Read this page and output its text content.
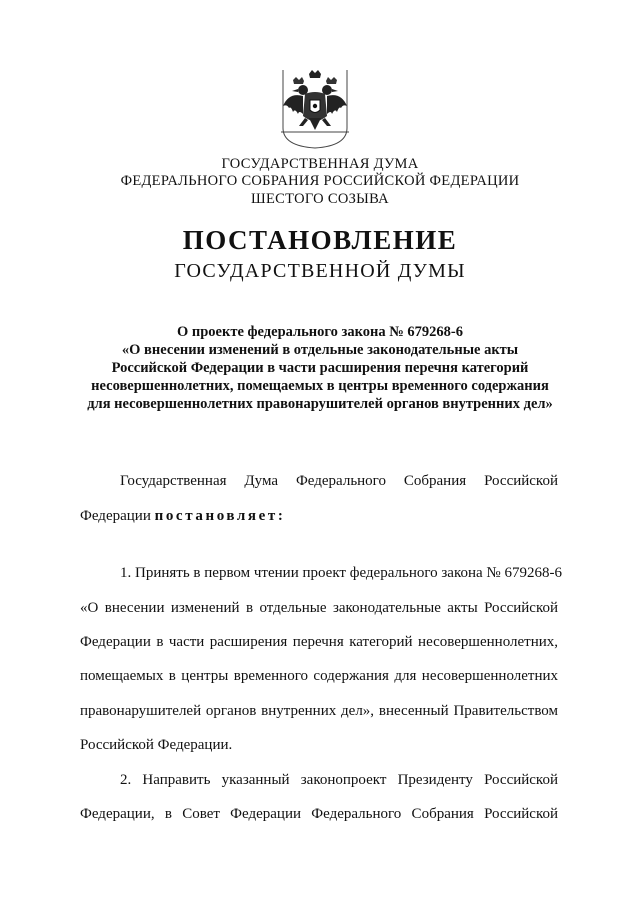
ГОСУДАРСТВЕННАЯ ДУМА
ФЕДЕРАЛЬНОГО СОБРАНИЯ РОССИЙСКОЙ ФЕДЕРАЦИИ
ШЕСТОГО СОЗЫВА
ПОСТАНОВЛЕНИЕ
ГОСУДАРСТВЕННОЙ ДУМЫ
О проекте федерального закона № 679268-6
«О внесении изменений в отдельные законодательные акты
Российской Федерации в части расширения перечня категорий
несовершеннолетних, помещаемых в центры временного содержания
для несовершеннолетних правонарушителей органов внутренних дел»
Государственная Дума Федерального Собрания Российской
Федерации постановляет:
1. Принять в первом чтении проект федерального закона № 679268-6
«О внесении изменений в отдельные законодательные акты Российской
Федерации в части расширения перечня категорий несовершеннолетних,
помещаемых в центры временного содержания для несовершеннолетних
правонарушителей органов внутренних дел», внесенный Правительством
Российской Федерации.
2. Направить указанный законопроект Президенту Российской
Федерации, в Совет Федерации Федерального Собрания Российской
